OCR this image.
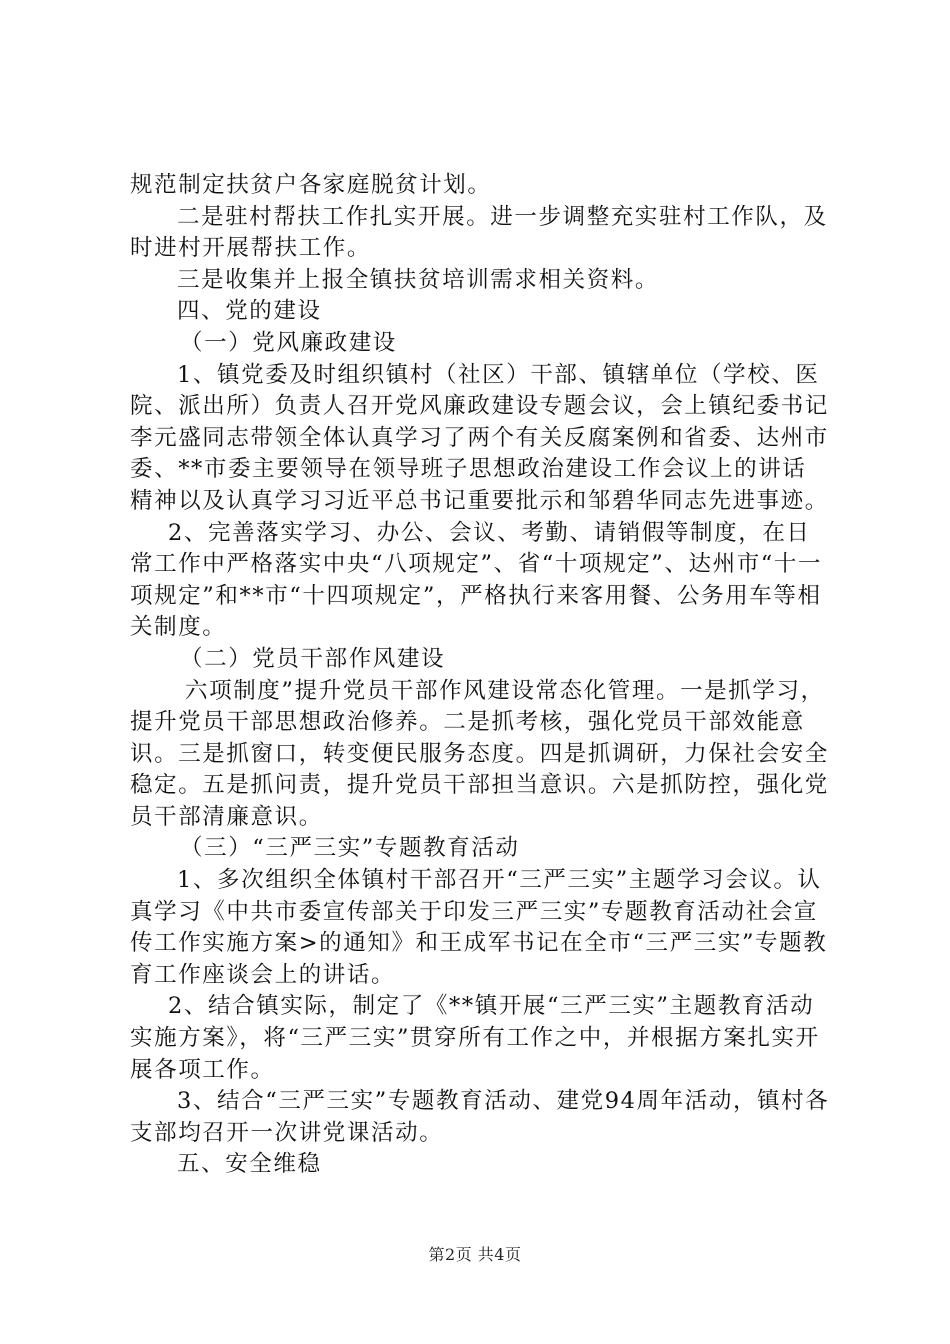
规范制定扶贫户各家庭脱贫计划。

二是驻村帮扶工作扎实开展。进一步调整充实驻村工作队，及时进村开展帮扶工作。

三是收集并上报全镇扶贫培训需求相关资料。

四、党的建设

（一）党风廉政建设

1、镇党委及时组织镇村（社区）干部、镇辖单位（学校、医院、派出所）负责人召开党风廉政建设专题会议，会上镇纪委书记李元盛同志带领全体认真学习了两个有关反腐案例和省委、达州市委、**市委主要领导在领导班子思想政治建设工作会议上的讲话精神以及认真学习习近平总书记重要批示和邹碧华同志先进事迹。

2、完善落实学习、办公、会议、考勤、请销假等制度，在日常工作中严格落实中央“八项规定”、省“十项规定”、达州市“十一项规定”和**市“十四项规定”，严格执行来客用餐、公务用车等相关制度。

（二）党员干部作风建设

六项制度”提升党员干部作风建设常态化管理。一是抓学习，提升党员干部思想政治修养。二是抓考核，强化党员干部效能意识。三是抓窗口，转变便民服务态度。四是抓调研，力保社会安全稳定。五是抓问责，提升党员干部担当意识。六是抓防控，强化党员干部清廉意识。

（三）“三严三实”专题教育活动

1、多次组织全体镇村干部召开“三严三实”主题学习会议。认真学习《中共市委宣传部关于印发三严三实”专题教育活动社会宣传工作实施方案>的通知》和王成军书记在全市“三严三实”专题教育工作座谈会上的讲话。

2、结合镇实际，制定了《**镇开展“三严三实”主题教育活动实施方案》，将“三严三实”贯穿所有工作之中，并根据方案扎实开展各项工作。

3、结合“三严三实”专题教育活动、建党94周年活动，镇村各支部均召开一次讲党课活动。

五、安全维稳

第2页 共4页
